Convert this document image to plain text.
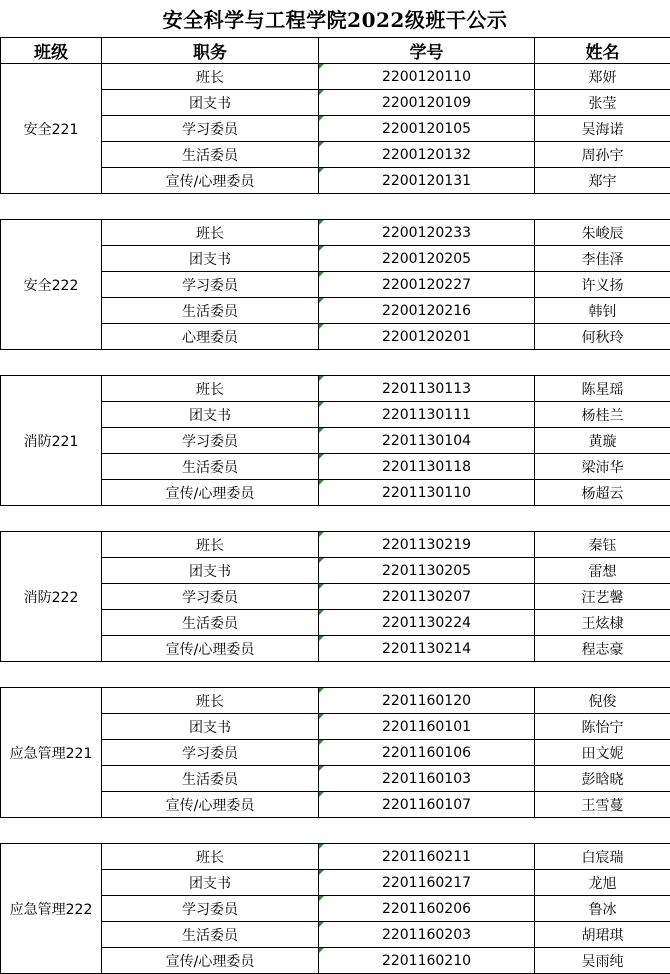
安全科学与工程学院2022级班干公示
班级	职务	学号	姓名
安全221	班长	2200120110	郑妍
	团支书	2200120109	张莹
	学习委员	2200120105	吴海诺
	生活委员	2200120132	周孙宇
	宣传/心理委员	2200120131	郑宇

安全222	班长	2200120233	朱峻辰
	团支书	2200120205	李佳泽
	学习委员	2200120227	许义扬
	生活委员	2200120216	韩钊
	心理委员	2200120201	何秋玲

消防221	班长	2201130113	陈星瑶
	团支书	2201130111	杨桂兰
	学习委员	2201130104	黄璇
	生活委员	2201130118	梁沛华
	宣传/心理委员	2201130110	杨超云

消防222	班长	2201130219	秦钰
	团支书	2201130205	雷想
	学习委员	2201130207	汪艺馨
	生活委员	2201130224	王炫棣
	宣传/心理委员	2201130214	程志豪

应急管理221	班长	2201160120	倪俊
	团支书	2201160101	陈怡宁
	学习委员	2201160106	田文妮
	生活委员	2201160103	彭晗晓
	宣传/心理委员	2201160107	王雪蔓

应急管理222	班长	2201160211	白宸瑞
	团支书	2201160217	龙旭
	学习委员	2201160206	鲁冰
	生活委员	2201160203	胡珺琪
	宣传/心理委员	2201160210	吴雨纯
